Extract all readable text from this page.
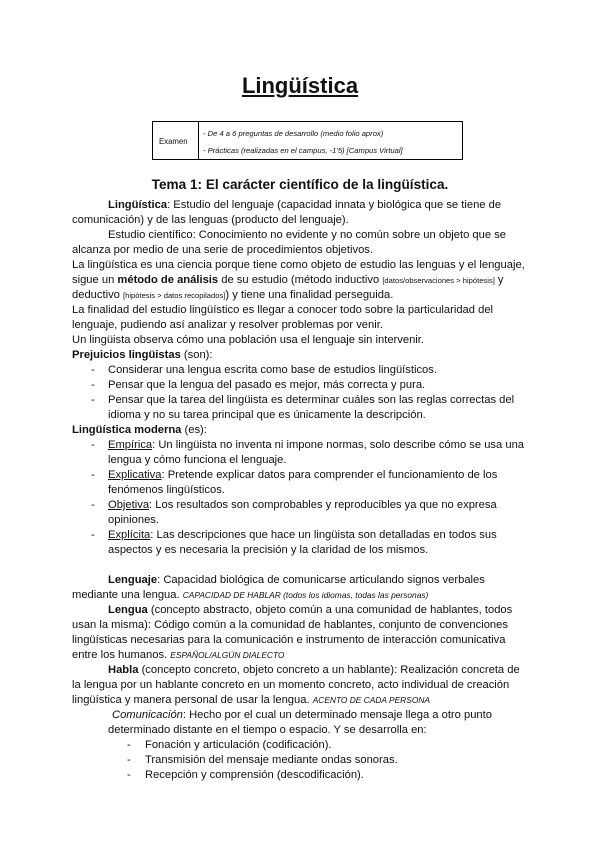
Lingüística
Examen
- De 4 a 6 preguntas de desarrollo (medio folio aprox)
- Prácticas (realizadas en el campus, -1'5) [Campus Virtual]
Tema 1: El carácter científico de la lingüística.
Lingüística: Estudio del lenguaje (capacidad innata y biológica que se tiene de
comunicación) y de las lenguas (producto del lenguaje).
Estudio científico: Conocimiento no evidente y no común sobre un objeto que se
alcanza por medio de una serie de procedimientos objetivos.
La lingüística es una ciencia porque tiene como objeto de estudio las lenguas y el lenguaje,
sigue un método de análisis de su estudio (método inductivo [datos/observaciones > hipótesis] y
deductivo [hipótesis > datos recopilados]) y tiene una finalidad perseguida.
La finalidad del estudio lingüístico es llegar a conocer todo sobre la particularidad del
lenguaje, pudiendo así analizar y resolver problemas por venir.
Un lingüista observa cómo una población usa el lenguaje sin intervenir.
Prejuicios lingüistas (son):
- Considerar una lengua escrita como base de estudios lingüísticos.
- Pensar que la lengua del pasado es mejor, más correcta y pura.
- Pensar que la tarea del lingüista es determinar cuáles son las reglas correctas del
idioma y no su tarea principal que es únicamente la descripción.
Lingüística moderna (es):
- Empírica: Un lingüista no inventa ni impone normas, solo describe cómo se usa una
lengua y cómo funciona el lenguaje.
- Explicativa: Pretende explicar datos para comprender el funcionamiento de los
fenómenos lingüísticos.
- Objetiva: Los resultados son comprobables y reproducibles ya que no expresa
opiniones.
- Explícita: Las descripciones que hace un lingüista son detalladas en todos sus
aspectos y es necesaria la precisión y la claridad de los mismos.
Lenguaje: Capacidad biológica de comunicarse articulando signos verbales
mediante una lengua. CAPACIDAD DE HABLAR (todos los idiomas, todas las personas)
Lengua (concepto abstracto, objeto común a una comunidad de hablantes, todos
usan la misma): Código común a la comunidad de hablantes, conjunto de convenciones
lingüísticas necesarias para la comunicación e instrumento de interacción comunicativa
entre los humanos. ESPAÑOL/ALGÚN DIALECTO
Habla (concepto concreto, objeto concreto a un hablante): Realización concreta de
la lengua por un hablante concreto en un momento concreto, acto individual de creación
lingüística y manera personal de usar la lengua. ACENTO DE CADA PERSONA
Comunicación: Hecho por el cual un determinado mensaje llega a otro punto
determinado distante en el tiempo o espacio. Y se desarrolla en:
- Fonación y articulación (codificación).
- Transmisión del mensaje mediante ondas sonoras.
- Recepción y comprensión (descodificación).
